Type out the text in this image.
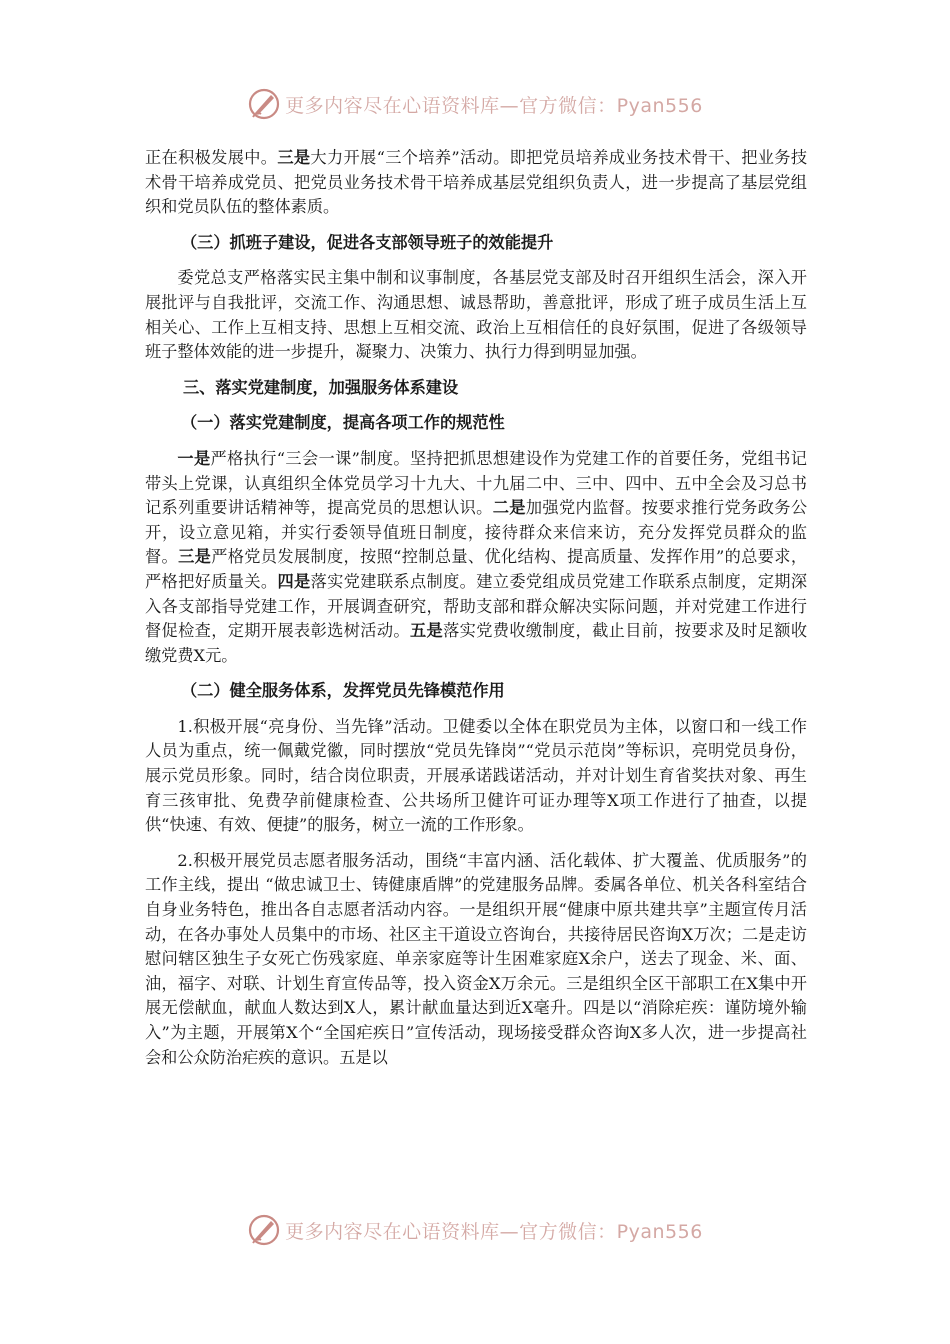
更多内容尽在心语资料库—官方微信：Pyan556

正在积极发展中。三是大力开展“三个培养”活动。即把党员培养成业务技术骨干、把业务技术骨干培养成党员、把党员业务技术骨干培养成基层党组织负责人，进一步提高了基层党组织和党员队伍的整体素质。

（三）抓班子建设，促进各支部领导班子的效能提升

委党总支严格落实民主集中制和议事制度，各基层党支部及时召开组织生活会，深入开展批评与自我批评，交流工作、沟通思想、诚恳帮助，善意批评，形成了班子成员生活上互相关心、工作上互相支持、思想上互相交流、政治上互相信任的良好氛围，促进了各级领导班子整体效能的进一步提升，凝聚力、决策力、执行力得到明显加强。

三、落实党建制度，加强服务体系建设

（一）落实党建制度，提高各项工作的规范性

一是严格执行“三会一课”制度。坚持把抓思想建设作为党建工作的首要任务，党组书记带头上党课，认真组织全体党员学习十九大、十九届二中、三中、四中、五中全会及习总书记系列重要讲话精神等，提高党员的思想认识。二是加强党内监督。按要求推行党务政务公开，设立意见箱，并实行委领导值班日制度，接待群众来信来访，充分发挥党员群众的监督。三是严格党员发展制度，按照“控制总量、优化结构、提高质量、发挥作用”的总要求，严格把好质量关。四是落实党建联系点制度。建立委党组成员党建工作联系点制度，定期深入各支部指导党建工作，开展调查研究，帮助支部和群众解决实际问题，并对党建工作进行督促检查，定期开展表彰选树活动。五是落实党费收缴制度，截止目前，按要求及时足额收缴党费X元。

（二）健全服务体系，发挥党员先锋模范作用

1.积极开展“亮身份、当先锋”活动。卫健委以全体在职党员为主体，以窗口和一线工作人员为重点，统一佩戴党徽，同时摆放“党员先锋岗”“党员示范岗”等标识，亮明党员身份，展示党员形象。同时，结合岗位职责，开展承诺践诺活动，并对计划生育省奖扶对象、再生育三孩审批、免费孕前健康检查、公共场所卫健许可证办理等X项工作进行了抽查，以提供“快速、有效、便捷”的服务，树立一流的工作形象。

2.积极开展党员志愿者服务活动，围绕“丰富内涵、活化载体、扩大覆盖、优质服务”的工作主线，提出 “做忠诚卫士、铸健康盾牌”的党建服务品牌。委属各单位、机关各科室结合自身业务特色，推出各自志愿者活动内容。一是组织开展“健康中原共建共享”主题宣传月活动，在各办事处人员集中的市场、社区主干道设立咨询台，共接待居民咨询X万次；二是走访慰问辖区独生子女死亡伤残家庭、单亲家庭等计生困难家庭X余户，送去了现金、米、面、油，福字、对联、计划生育宣传品等，投入资金X万余元。三是组织全区干部职工在X集中开展无偿献血，献血人数达到X人，累计献血量达到近X毫升。四是以“消除疟疾：谨防境外输入”为主题，开展第X个“全国疟疾日”宣传活动，现场接受群众咨询X多人次，进一步提高社会和公众防治疟疾的意识。五是以

更多内容尽在心语资料库—官方微信：Pyan556
